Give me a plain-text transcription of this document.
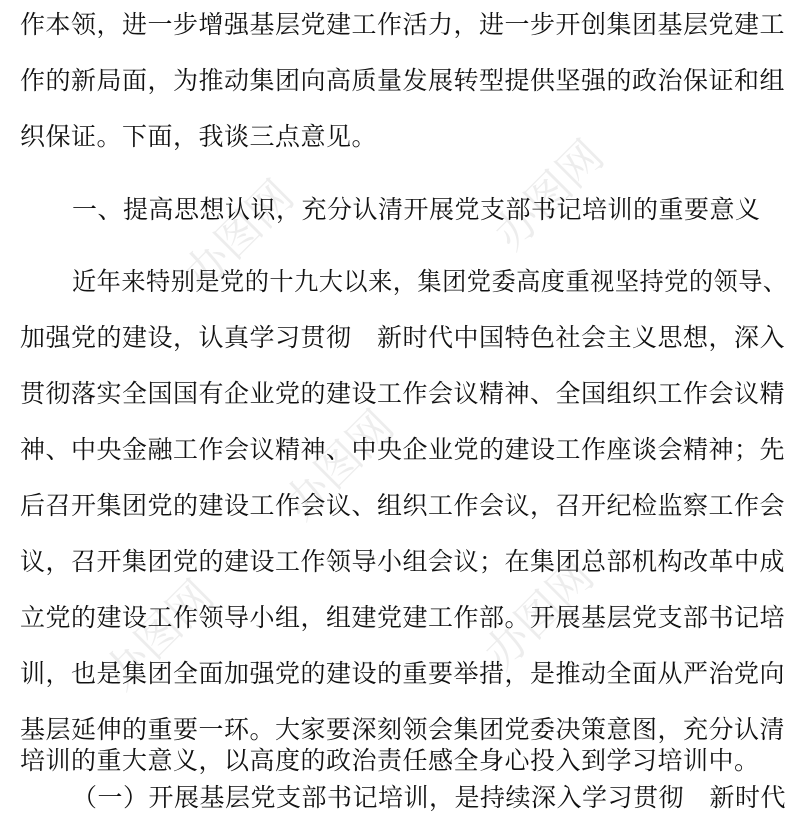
办图网	办图网
办图网
办图网
办图网
作本领，进一步增强基层党建工作活力，进一步开创集团基层党建工
作的新局面，为推动集团向高质量发展转型提供坚强的政治保证和组
织保证。下面，我谈三点意见。
一、提高思想认识，充分认清开展党支部书记培训的重要意义
近年来特别是党的十九大以来，集团党委高度重视坚持党的领导、
加强党的建设，认真学习贯彻　新时代中国特色社会主义思想，深入
贯彻落实全国国有企业党的建设工作会议精神、全国组织工作会议精
神、中央金融工作会议精神、中央企业党的建设工作座谈会精神；先
后召开集团党的建设工作会议、组织工作会议，召开纪检监察工作会
议，召开集团党的建设工作领导小组会议；在集团总部机构改革中成
立党的建设工作领导小组，组建党建工作部。开展基层党支部书记培
训，也是集团全面加强党的建设的重要举措，是推动全面从严治党向
基层延伸的重要一环。大家要深刻领会集团党委决策意图，充分认清
培训的重大意义，以高度的政治责任感全身心投入到学习培训中。
（一）开展基层党支部书记培训，是持续深入学习贯彻　新时代
